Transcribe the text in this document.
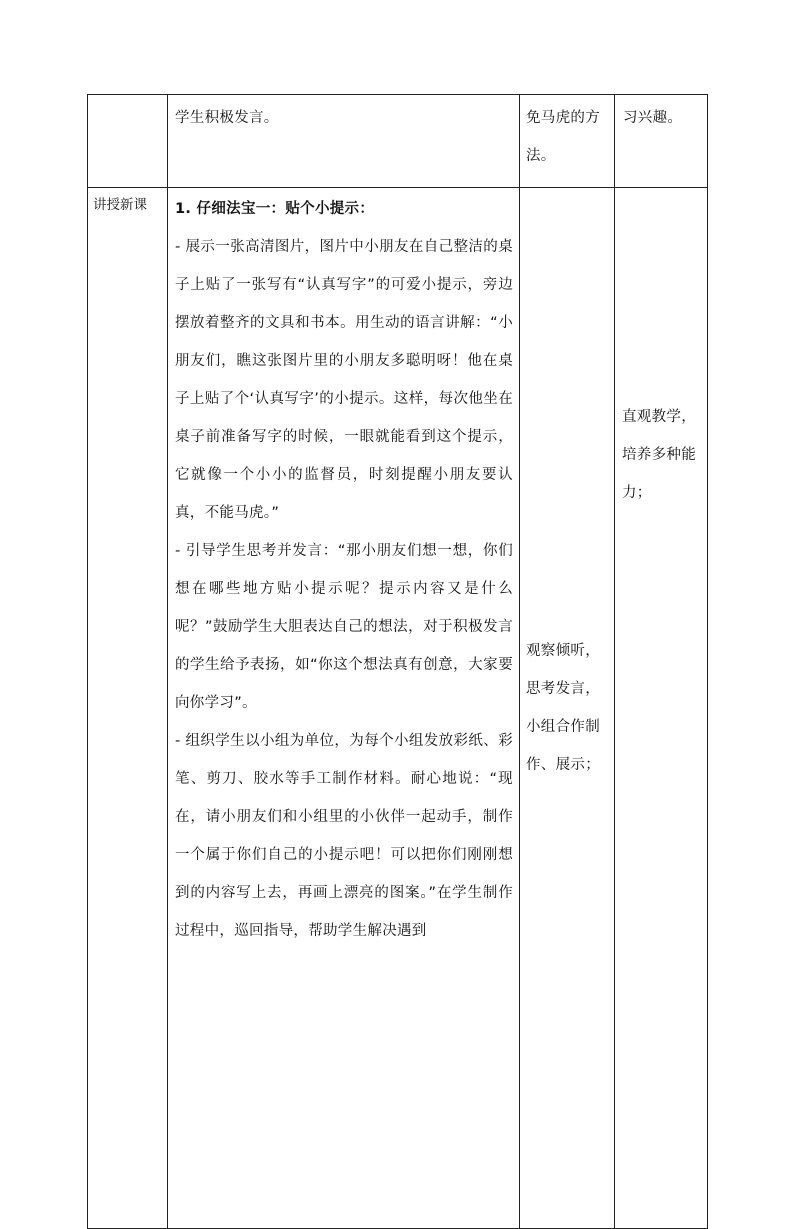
	学生积极发言。	免马虎的方法。	习兴趣。
讲授新课	1. 仔细法宝一：贴个小提示：

- 展示一张高清图片，图片中小朋友在自己整洁的桌子上贴了一张写有“认真写字”的可爱小提示，旁边摆放着整齐的文具和书本。用生动的语言讲解：“小朋友们，瞧这张图片里的小朋友多聪明呀！他在桌子上贴了个‘认真写字’的小提示。这样，每次他坐在桌子前准备写字的时候，一眼就能看到这个提示，它就像一个小小的监督员，时刻提醒小朋友要认真，不能马虎。”

- 引导学生思考并发言：“那小朋友们想一想，你们想在哪些地方贴小提示呢？提示内容又是什么呢？”鼓励学生大胆表达自己的想法，对于积极发言的学生给予表扬，如“你这个想法真有创意，大家要向你学习”。

- 组织学生以小组为单位，为每个小组发放彩纸、彩笔、剪刀、胶水等手工制作材料。耐心地说：“现在，请小朋友们和小组里的小伙伴一起动手，制作一个属于你们自己的小提示吧！可以把你们刚刚想到的内容写上去，再画上漂亮的图案。”在学生制作过程中，巡回指导，帮助学生解决遇到	观察倾听，思考发言，小组合作制作、展示；	直观教学，培养多种能力；
